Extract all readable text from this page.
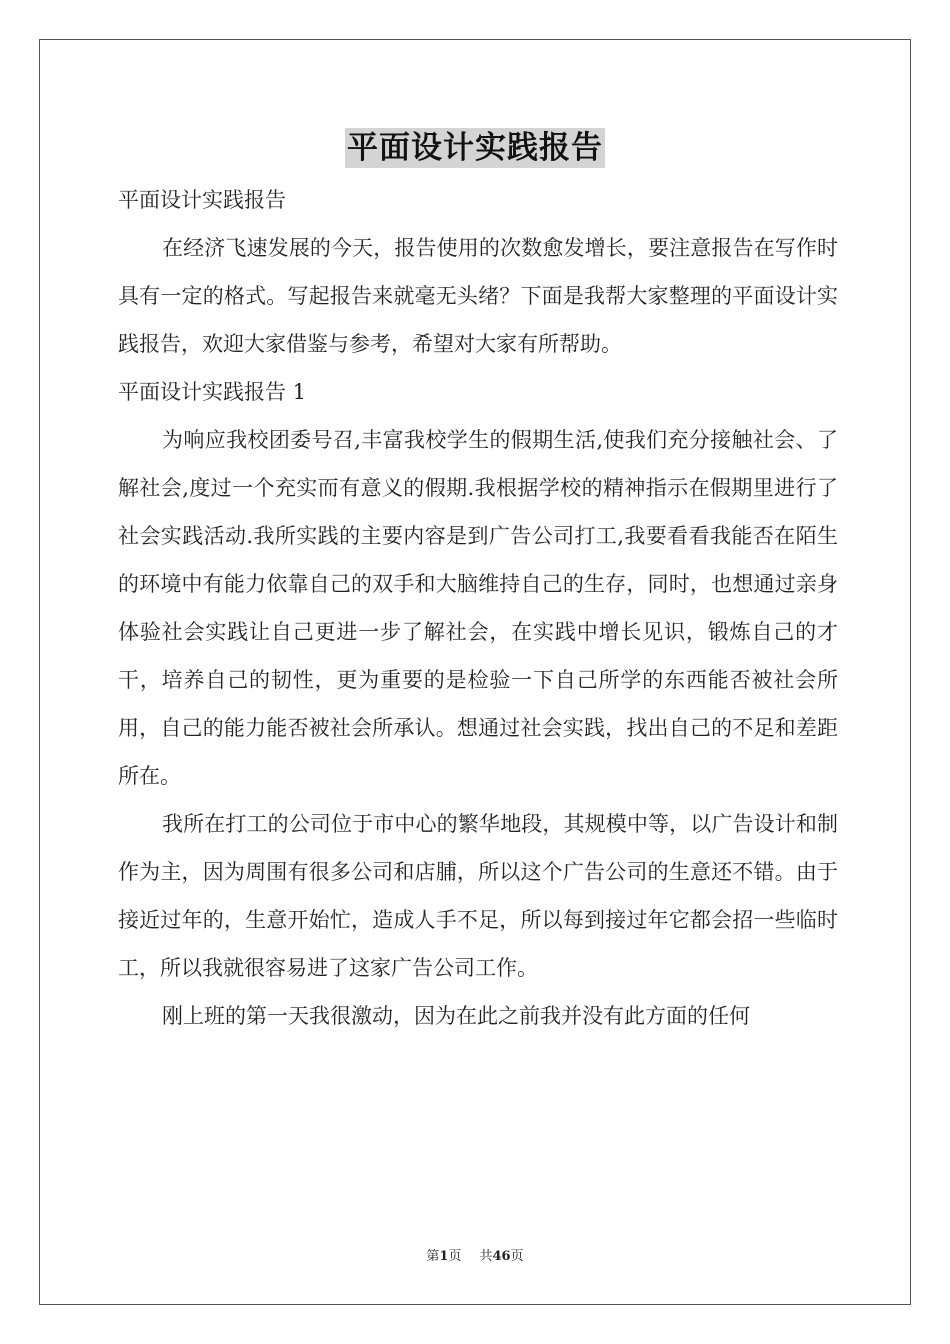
平面设计实践报告

平面设计实践报告

在经济飞速发展的今天，报告使用的次数愈发增长，要注意报告在写作时具有一定的格式。写起报告来就毫无头绪？下面是我帮大家整理的平面设计实践报告，欢迎大家借鉴与参考，希望对大家有所帮助。

平面设计实践报告 1

为响应我校团委号召,丰富我校学生的假期生活,使我们充分接触社会、了解社会,度过一个充实而有意义的假期.我根据学校的精神指示在假期里进行了社会实践活动.我所实践的主要内容是到广告公司打工,我要看看我能否在陌生的环境中有能力依靠自己的双手和大脑维持自己的生存，同时，也想通过亲身体验社会实践让自己更进一步了解社会，在实践中增长见识，锻炼自己的才干，培养自己的韧性，更为重要的是检验一下自己所学的东西能否被社会所用，自己的能力能否被社会所承认。想通过社会实践，找出自己的不足和差距所在。

我所在打工的公司位于市中心的繁华地段，其规模中等，以广告设计和制作为主，因为周围有很多公司和店脯，所以这个广告公司的生意还不错。由于接近过年的，生意开始忙，造成人手不足，所以每到接过年它都会招一些临时工，所以我就很容易进了这家广告公司工作。

刚上班的第一天我很激动，因为在此之前我并没有此方面的任何

第1页 共46页
